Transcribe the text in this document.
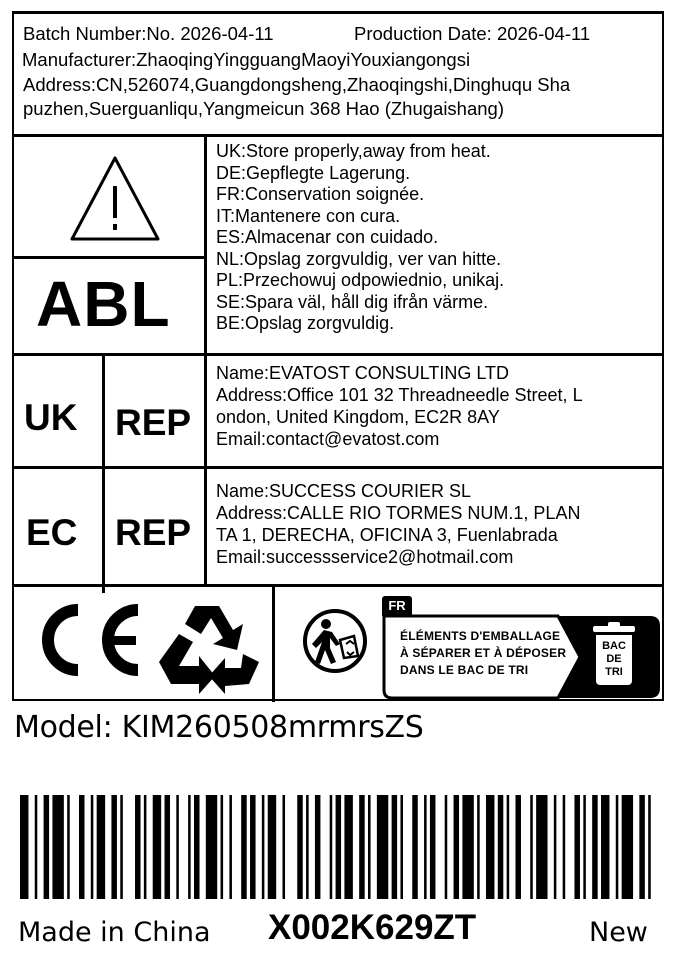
Batch Number:No. 2026-04-11	Production Date: 2026-04-11
Manufacturer:ZhaoqingYingguangMaoyiYouxiangongsi
Address:CN,526074,Guangdongsheng,Zhaoqingshi,Dinghuqu Sha
puzhen,Suerguanliqu,Yangmeicun 368 Hao (Zhugaishang)
ABL
UK:Store properly,away from heat.
DE:Gepflegte Lagerung.
FR:Conservation soignée.
IT:Mantenere con cura.
ES:Almacenar con cuidado.
NL:Opslag zorgvuldig, ver van hitte.
PL:Przechowuj odpowiednio, unikaj.
SE:Spara väl, håll dig ifrån värme.
BE:Opslag zorgvuldig.
UK REP
Name:EVATOST CONSULTING LTD
Address:Office 101 32 Threadneedle Street, L
ondon, United Kingdom, EC2R 8AY
Email:contact@evatost.com
EC REP
Name:SUCCESS COURIER SL
Address:CALLE RIO TORMES NUM.1, PLAN
TA 1, DERECHA, OFICINA 3, Fuenlabrada
Email:successservice2@hotmail.com
FR
ÉLÉMENTS D'EMBALLAGE
À SÉPARER ET À DÉPOSER
DANS LE BAC DE TRI
BAC
DE
TRI
Model: KIM260508mrmrsZS
Made in China X002K629ZT	New
